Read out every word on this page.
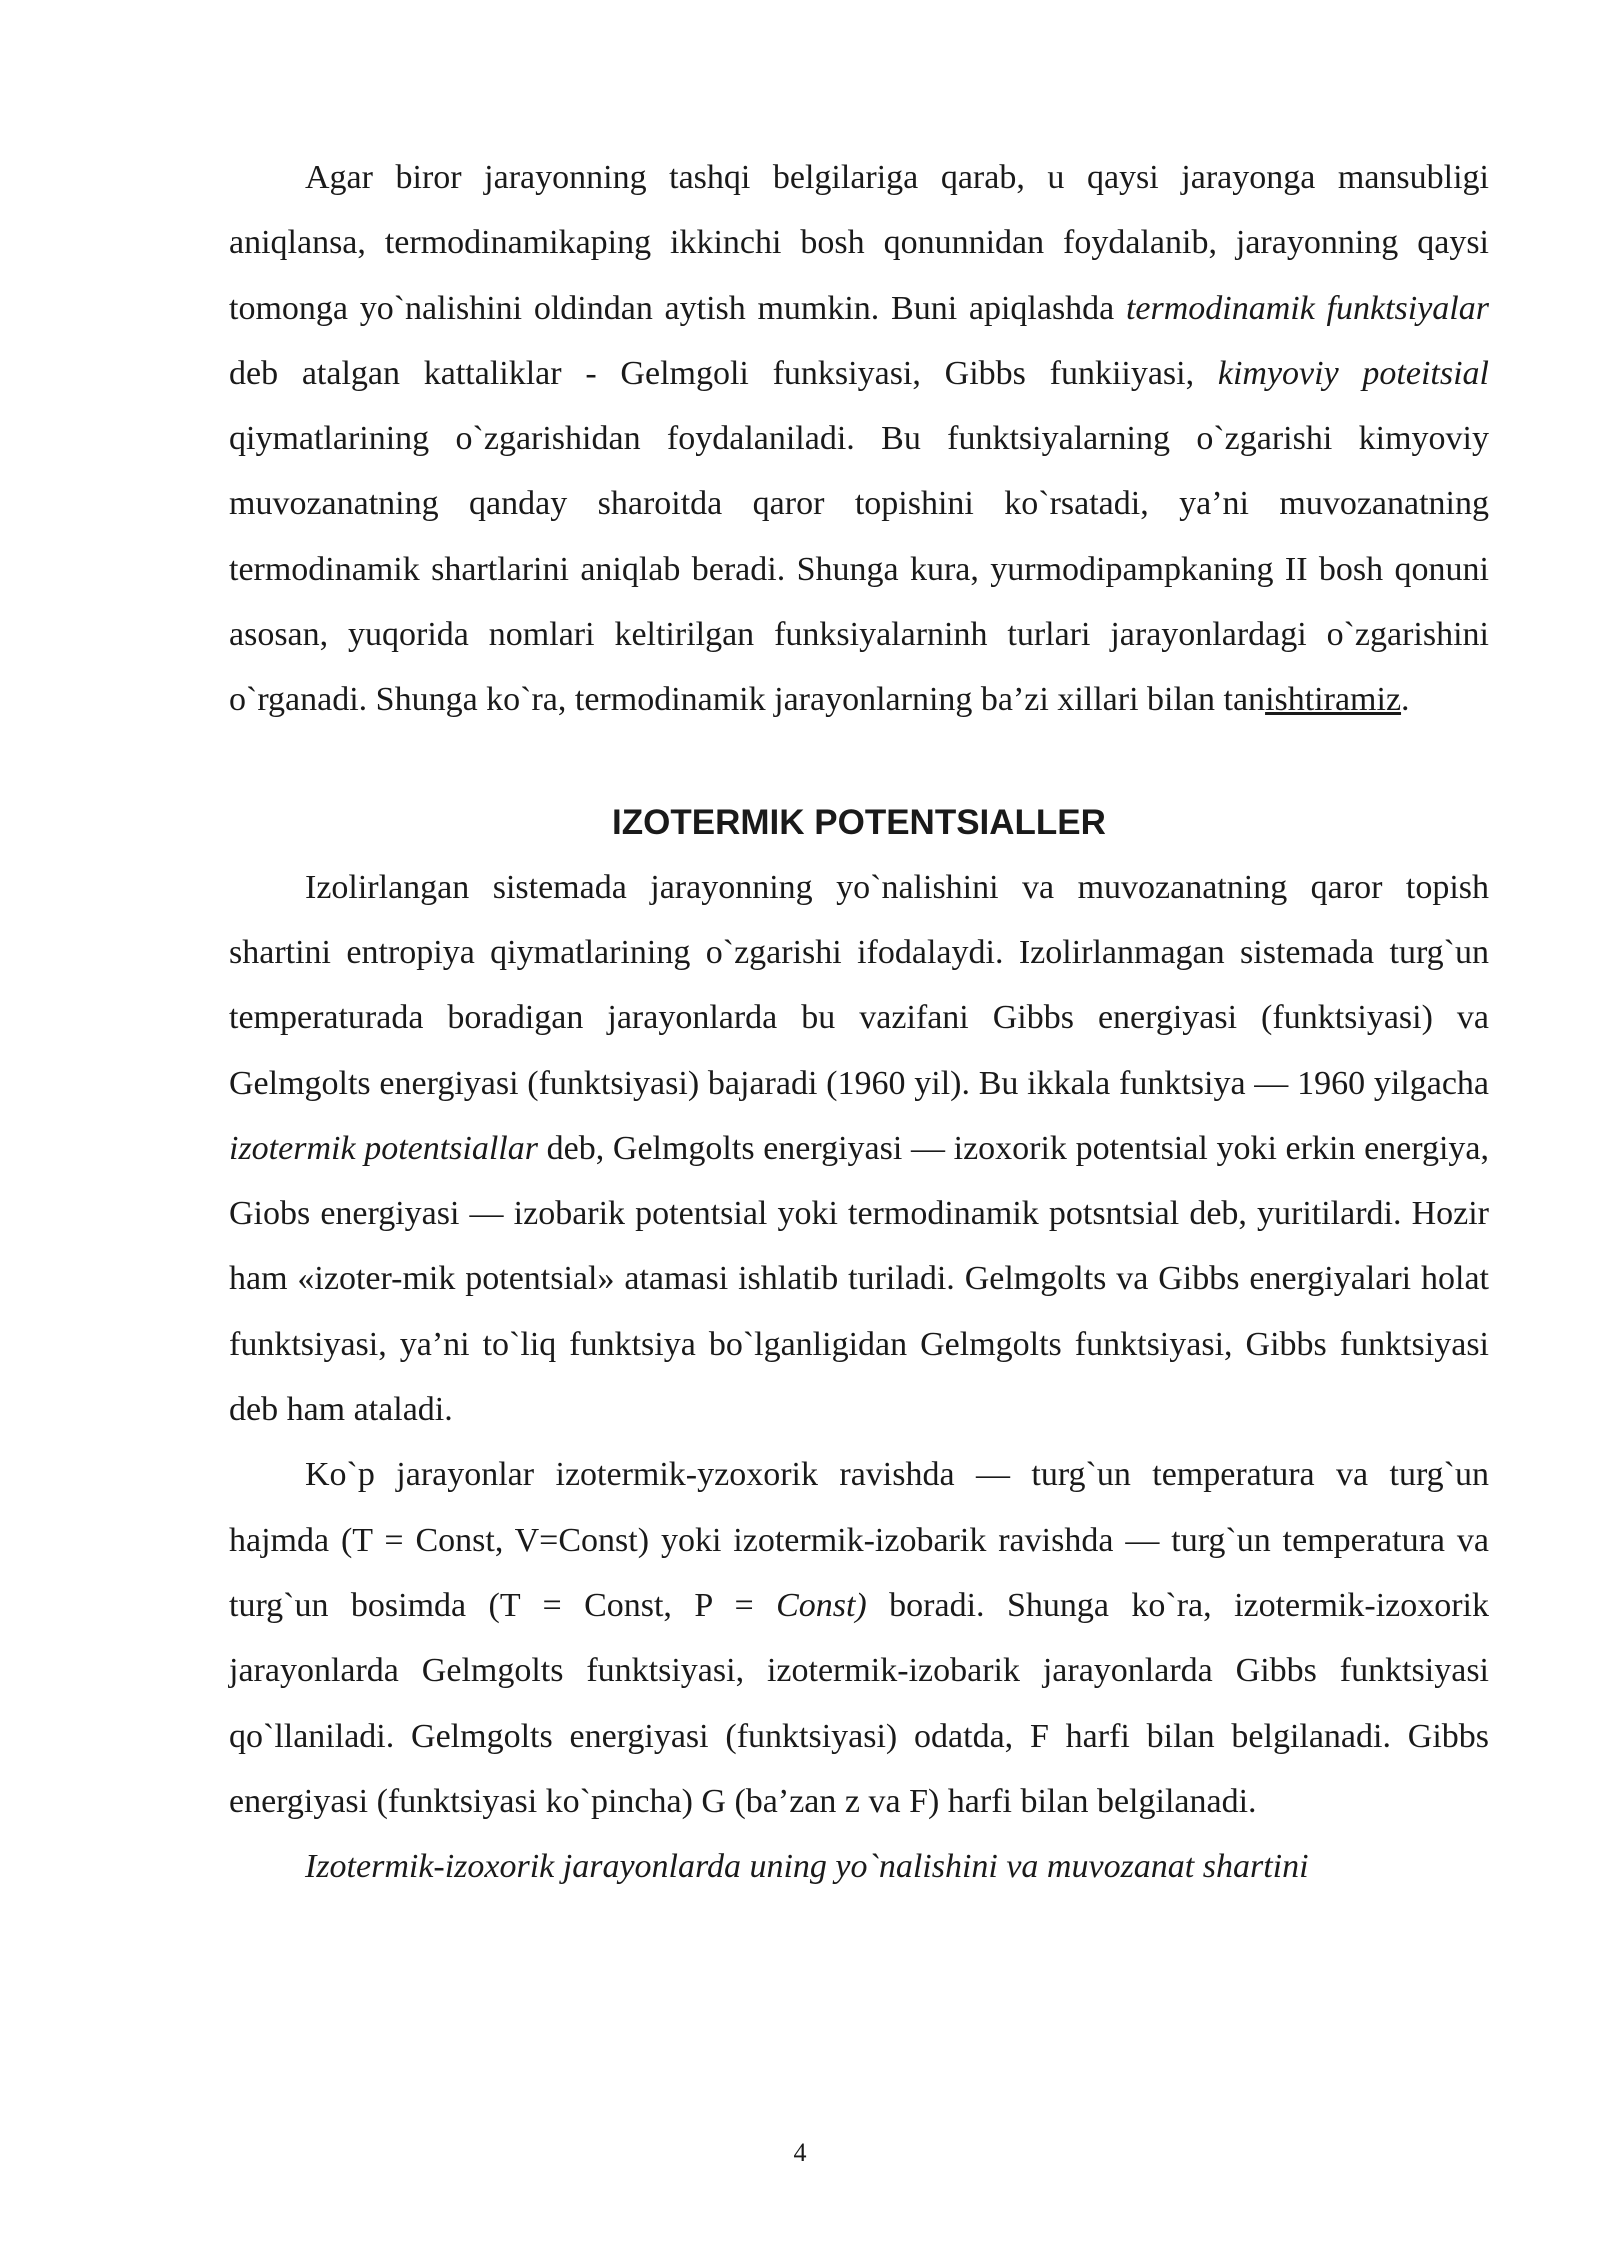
Agar biror jarayonning tashqi belgilariga qarab, u qaysi jarayonga mansubligi aniqlansa, termodinamikaping ikkinchi bosh qonunnidan foydalanib, jarayonning qaysi tomonga yo`nalishini oldindan aytish mumkin. Buni apiqlashda termodinamik funktsiyalar deb atalgan kattaliklar - Gelmgoli funksiyasi, Gibbs funkiiyasi, kimyoviy poteitsial qiymatlarining o`zgarishidan foydalaniladi. Bu funktsiyalarning o`zgarishi kimyoviy muvozanatning qanday sharoitda qaror topishini ko`rsatadi, ya’ni muvozanatning termodinamik shartlarini aniqlab beradi. Shunga kura, yurmodipampkaning II bosh qonuni asosan, yuqorida nomlari keltirilgan funksiyalarninh turlari jarayonlardagi o`zgarishini o`rganadi. Shunga ko`ra, termodinamik jarayonlarning ba’zi xillari bilan tanishtiramiz.

IZOTERMIK POTENTSIALLER

Izolirlangan sistemada jarayonning yo`nalishini va muvozanatning qaror topish shartini entropiya qiymatlarining o`zgarishi ifodalaydi. Izolirlanmagan sistemada turg`un temperaturada boradigan jarayonlarda bu vazifani Gibbs energiyasi (funktsiyasi) va Gelmgolts energiyasi (funktsiyasi) bajaradi (1960 yil). Bu ikkala funktsiya — 1960 yilgacha izotermik potentsiallar deb, Gelmgolts energiyasi — izoxorik potentsial yoki erkin energiya, Giobs energiyasi — izobarik potentsial yoki termodinamik potsntsial deb, yuritilardi. Hozir ham «izoter-mik potentsial» atamasi ishlatib turiladi. Gelmgolts va Gibbs energiyalari holat funktsiyasi, ya’ni to`liq funktsiya bo`lganligidan Gelmgolts funktsiyasi, Gibbs funktsiyasi deb ham ataladi.

Ko`p jarayonlar izotermik-yzoxorik ravishda — turg`un temperatura va turg`un hajmda (T = Const, V=Const) yoki izotermik-izobarik ravishda — turg`un temperatura va turg`un bosimda (T = Const, P = Const) boradi. Shunga ko`ra, izotermik-izoxorik jarayonlarda Gelmgolts funktsiyasi, izotermik-izobarik jarayonlarda Gibbs funktsiyasi qo`llaniladi. Gelmgolts energiyasi (funktsiyasi) odatda, F harfi bilan belgilanadi. Gibbs energiyasi (funktsiyasi ko`pincha) G (ba’zan z va F) harfi bilan belgilanadi.

Izotermik-izoxorik jarayonlarda uning yo`nalishini va muvozanat shartini

4
